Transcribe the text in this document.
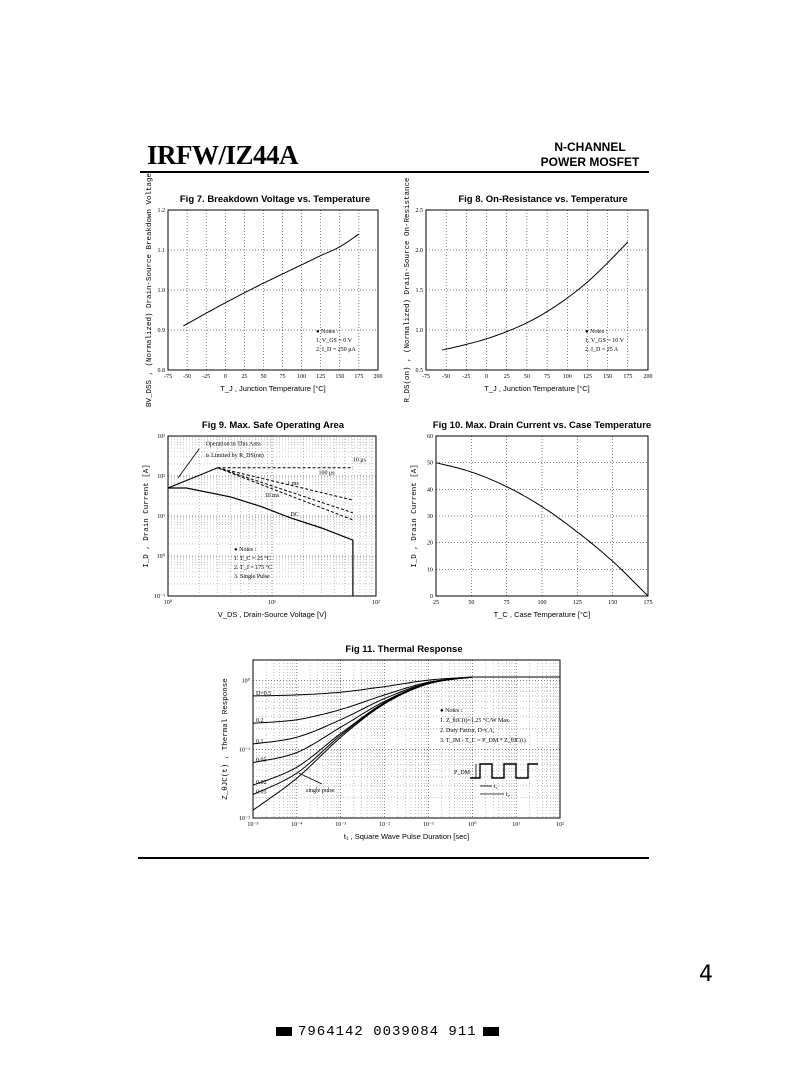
IRFW/IZ44A	N-CHANNEL
POWER MOSFET
-75 -50 -25 0 25 50 75 100 125 150 175 200
0.8
0.9
1.0
1.1
1.2
Fig 7. Breakdown Voltage vs. Temperature
T_J , Junction Temperature [°C]
BV_DSS , (Normalized) Drain-Source Breakdown Voltage	● Notes :
1. V_GS = 0 V
2. I_D = 250 μA
-75 -50 -25 0	25 50 75 100 125 150 175 200
0.5
1.0
1.5
2.0
2.5
Fig 8. On-Resistance vs. Temperature
T_J , Junction Temperature [°C]
R_DS(on) , (Normalized) Drain-Source On-Resistance	● Notes :
1. V_GS = 10 V
2. I_D = 25 A
10⁰	10¹	10²
10⁻¹
10⁰
10¹
10²
10³
Fig 9. Max. Safe Operating Area
V_DS , Drain-Source Voltage [V]
I_D , Drain Current [A]
Operation in This Area
is Limited by R_DS(on)
10 μs
100 μs
1 ms
10 ms
DC
● Notes :
1. T_C = 25 °C
2. T_J = 175 °C
3. Single Pulse
25	50	75	100	125	150	175
0
10
20
30
40
50
60
Fig 10. Max. Drain Current vs. Case Temperature
T_C , Case Temperature [°C]
I_D , Drain Current [A]
10⁻⁵	10⁻⁴	10⁻³	10⁻²	10⁻¹	10⁰	10¹	10²
10⁻²
10⁻¹
10⁰
Fig 11. Thermal Response
t₁ , Square Wave Pulse Duration [sec]
Z_θJC(t) , Thermal Response	D=0.5
0.2
0.1
0.05
0.02
0.01	single pulse
● Notes :
1. Z_θJC(t)=1.25 °C/W Max.
2. Duty Factor, D=t₁/t₂
3. T_JM - T_C = P_DM * Z_θJC(t)
P_DM
t₁
t₂
4
7964142 0039084 911
